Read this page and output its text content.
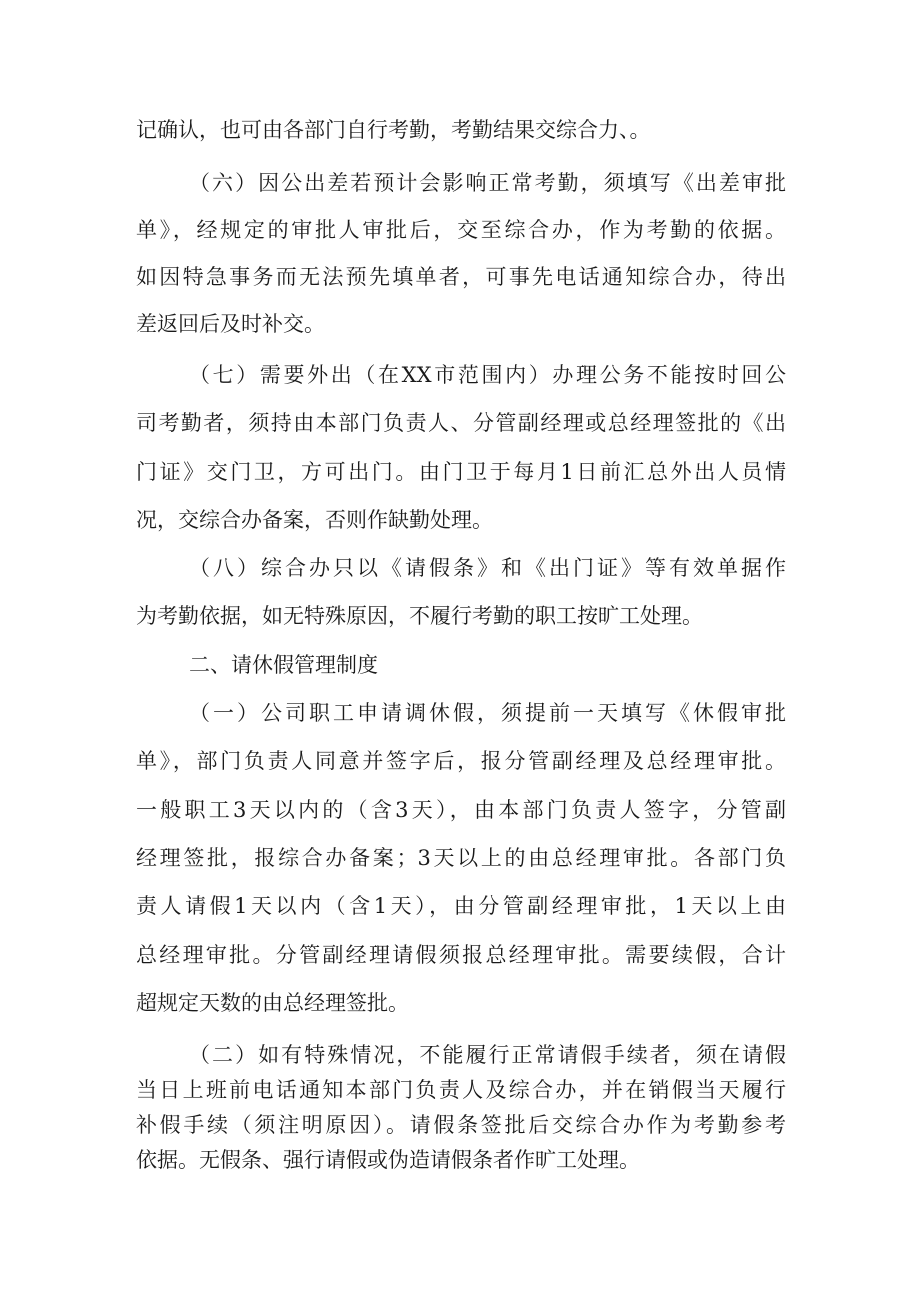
记确认，也可由各部门自行考勤，考勤结果交综合力、。
（六）因公出差若预计会影响正常考勤，须填写《出差审批
单》，经规定的审批人审批后，交至综合办，作为考勤的依据。
如因特急事务而无法预先填单者，可事先电话通知综合办，待出
差返回后及时补交。
（七）需要外出（在XX市范围内）办理公务不能按时回公
司考勤者，须持由本部门负责人、分管副经理或总经理签批的《出
门证》交门卫，方可出门。由门卫于每月1日前汇总外出人员情
况，交综合办备案，否则作缺勤处理。
（八）综合办只以《请假条》和《出门证》等有效单据作
为考勤依据，如无特殊原因，不履行考勤的职工按旷工处理。
二、请休假管理制度
（一）公司职工申请调休假，须提前一天填写《休假审批
单》，部门负责人同意并签字后，报分管副经理及总经理审批。
一般职工3天以内的（含3天），由本部门负责人签字，分管副
经理签批，报综合办备案；3天以上的由总经理审批。各部门负
责人请假1天以内（含1天），由分管副经理审批，1天以上由
总经理审批。分管副经理请假须报总经理审批。需要续假，合计
超规定天数的由总经理签批。
（二）如有特殊情况，不能履行正常请假手续者，须在请假
当日上班前电话通知本部门负责人及综合办，并在销假当天履行
补假手续（须注明原因）。请假条签批后交综合办作为考勤参考
依据。无假条、强行请假或伪造请假条者作旷工处理。
